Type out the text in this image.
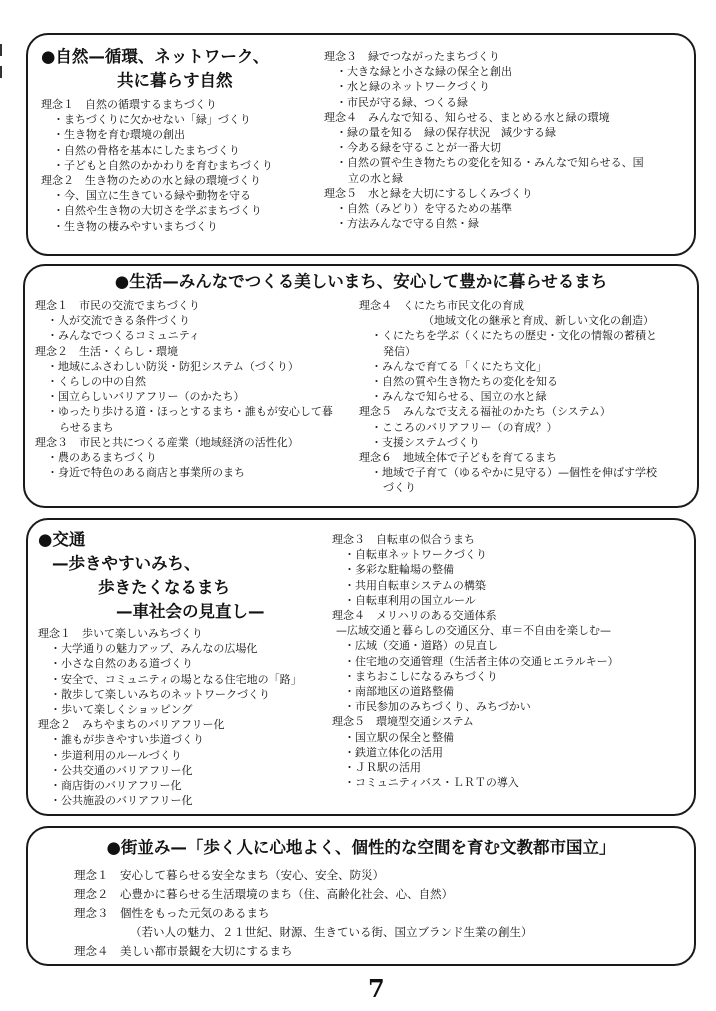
●自然—循環、ネットワーク、
共に暮らす自然
理念１　自然の循環するまちづくり
・まちづくりに欠かせない「緑」づくり
・生き物を育む環境の創出
・自然の骨格を基本にしたまちづくり
・子どもと自然のかかわりを育むまちづくり
理念２　生き物のための水と緑の環境づくり
・今、国立に生きている緑や動物を守る
・自然や生き物の大切さを学ぶまちづくり
・生き物の棲みやすいまちづくり
理念３　緑でつながったまちづくり
・大きな緑と小さな緑の保全と創出
・水と緑のネットワークづくり
・市民が守る緑、つくる緑
理念４　みんなで知る、知らせる、まとめる水と緑の環境
・緑の量を知る　緑の保存状況　減少する緑
・今ある緑を守ることが一番大切
・自然の質や生き物たちの変化を知る・みんなで知らせる、国
立の水と緑
理念５　水と緑を大切にするしくみづくり
・自然（みどり）を守るための基準
・方法みんなで守る自然・緑
●生活—みんなでつくる美しいまち、安心して豊かに暮らせるまち
理念１　市民の交流でまちづくり
・人が交流できる条件づくり
・みんなでつくるコミュニティ
理念２　生活・くらし・環境
・地域にふさわしい防災・防犯システム（づくり）
・くらしの中の自然
・国立らしいバリアフリー（のかたち）
・ゆったり歩ける道・ほっとするまち・誰もが安心して暮
らせるまち
理念３　市民と共につくる産業（地域経済の活性化）
・農のあるまちづくり
・身近で特色のある商店と事業所のまち
理念４　くにたち市民文化の育成
（地域文化の継承と育成、新しい文化の創造）
・くにたちを学ぶ（くにたちの歴史・文化の情報の蓄積と
発信）
・みんなで育てる「くにたち文化」
・自然の質や生き物たちの変化を知る
・みんなで知らせる、国立の水と緑
理念５　みんなで支える福祉のかたち（システム）
・こころのバリアフリー（の育成？）
・支援システムづくり
理念６　地域全体で子どもを育てるまち
・地域で子育て（ゆるやかに見守る）—個性を伸ばす学校
づくり
●交通
—歩きやすいみち、
歩きたくなるまち
—車社会の見直し—
理念１　歩いて楽しいみちづくり
・大学通りの魅力アップ、みんなの広場化
・小さな自然のある道づくり
・安全で、コミュニティの場となる住宅地の「路」
・散歩して楽しいみちのネットワークづくり
・歩いて楽しくショッピング
理念２　みちやまちのバリアフリー化
・誰もが歩きやすい歩道づくり
・歩道利用のルールづくり
・公共交通のバリアフリー化
・商店街のバリアフリー化
・公共施設のバリアフリー化
理念３　自転車の似合うまち
・自転車ネットワークづくり
・多彩な駐輪場の整備
・共用自転車システムの構築
・自転車利用の国立ルール
理念４　メリハリのある交通体系
—広域交通と暮らしの交通区分、車＝不自由を楽しむ—
・広域（交通・道路）の見直し
・住宅地の交通管理（生活者主体の交通ヒエラルキー）
・まちおこしになるみちづくり
・南部地区の道路整備
・市民参加のみちづくり、みちづかい
理念５　環境型交通システム
・国立駅の保全と整備
・鉄道立体化の活用
・ＪＲ駅の活用
・コミュニティバス・ＬＲＴの導入
●街並み—「歩く人に心地よく、個性的な空間を育む文教都市国立」
理念１　安心して暮らせる安全なまち（安心、安全、防災）
理念２　心豊かに暮らせる生活環境のまち（住、高齢化社会、心、自然）
理念３　個性をもった元気のあるまち
（若い人の魅力、２１世紀、財源、生きている街、国立ブランド生業の創生）
理念４　美しい都市景観を大切にするまち
7
